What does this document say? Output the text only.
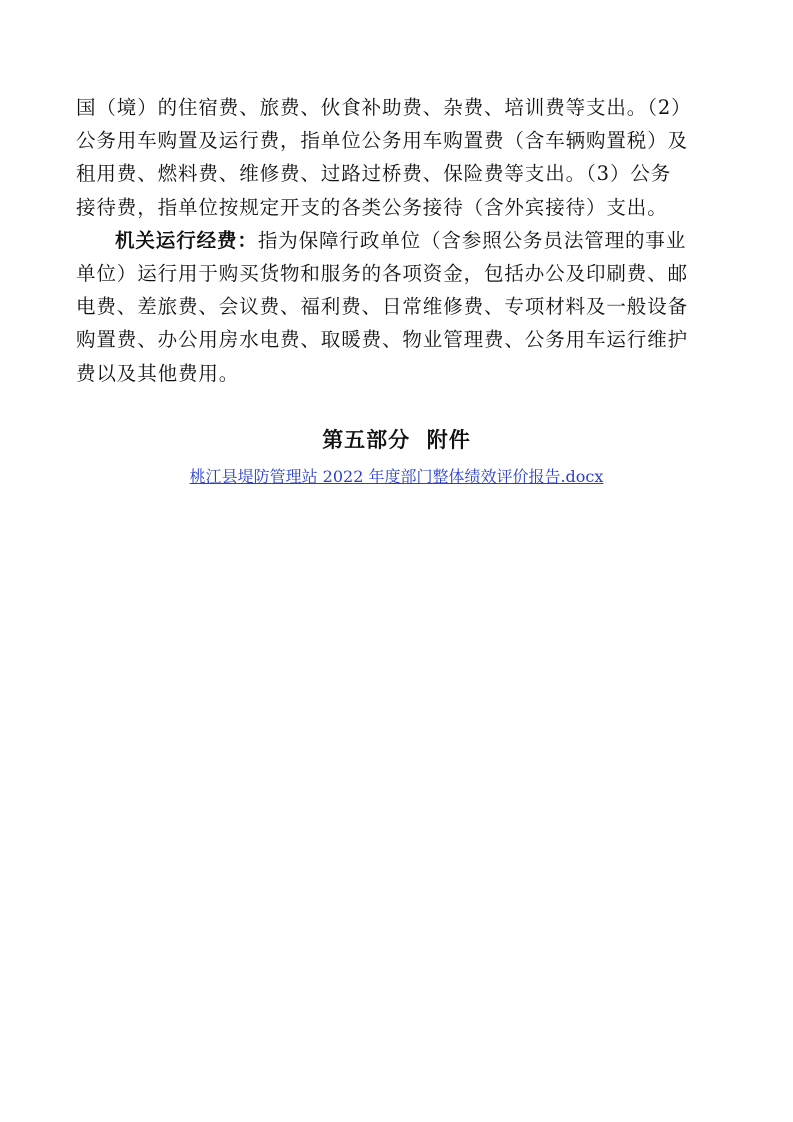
国（境）的住宿费、旅费、伙食补助费、杂费、培训费等支出。（2）
公务用车购置及运行费，指单位公务用车购置费（含车辆购置税）及
租用费、燃料费、维修费、过路过桥费、保险费等支出。（3）公务
接待费，指单位按规定开支的各类公务接待（含外宾接待）支出。
机关运行经费：指为保障行政单位（含参照公务员法管理的事业
单位）运行用于购买货物和服务的各项资金，包括办公及印刷费、邮
电费、差旅费、会议费、福利费、日常维修费、专项材料及一般设备
购置费、办公用房水电费、取暖费、物业管理费、公务用车运行维护
费以及其他费用。
第五部分  附件
桃江县堤防管理站 2022 年度部门整体绩效评价报告.docx
